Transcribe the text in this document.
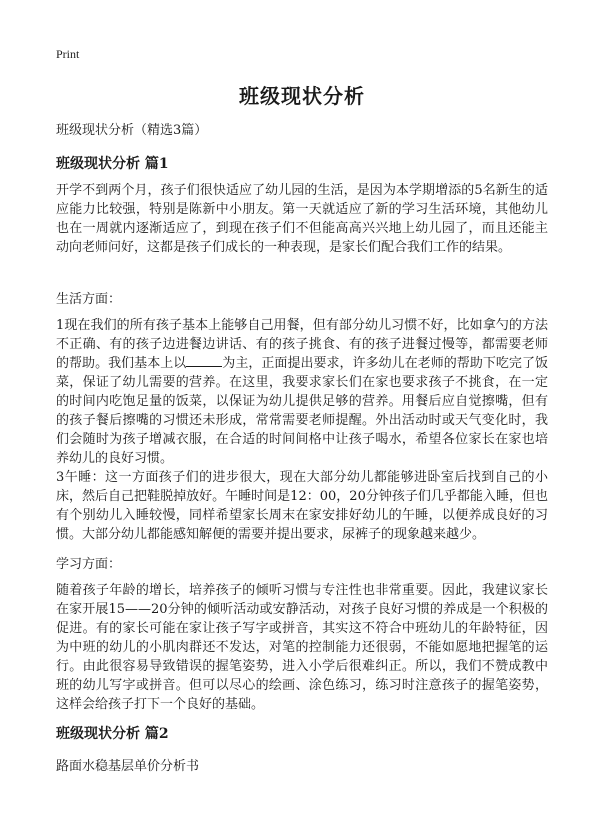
Print
班级现状分析

班级现状分析（精选3篇）

班级现状分析 篇1

开学不到两个月，孩子们很快适应了幼儿园的生活，是因为本学期增添的5名新生的适应能力比较强，特别是陈新中小朋友。第一天就适应了新的学习生活环境，其他幼儿也在一周就内逐渐适应了，到现在孩子们不但能高高兴兴地上幼儿园了，而且还能主动向老师问好，这都是孩子们成长的一种表现，是家长们配合我们工作的结果。

生活方面：

1现在我们的所有孩子基本上能够自己用餐，但有部分幼儿习惯不好，比如拿勺的方法不正确、有的孩子边进餐边讲话、有的孩子挑食、有的孩子进餐过慢等，都需要老师的帮助。我们基本上以	为主，正面提出要求，许多幼儿在老师的帮助下吃完了饭菜，保证了幼儿需要的营养。在这里，我要求家长们在家也要求孩子不挑食，在一定的时间内吃饱足量的饭菜，以保证为幼儿提供足够的营养。用餐后应自觉擦嘴，但有的孩子餐后擦嘴的习惯还未形成，常常需要老师提醒。外出活动时或天气变化时，我们会随时为孩子增减衣服，在合适的时间间格中让孩子喝水，希望各位家长在家也培养幼儿的良好习惯。

3午睡：这一方面孩子们的进步很大，现在大部分幼儿都能够进卧室后找到自己的小床，然后自己把鞋脱掉放好。午睡时间是12：00，20分钟孩子们几乎都能入睡，但也有个别幼儿入睡较慢，同样希望家长周末在家安排好幼儿的午睡，以便养成良好的习惯。大部分幼儿都能感知解便的需要并提出要求，尿裤子的现象越来越少。

学习方面：

随着孩子年龄的增长，培养孩子的倾听习惯与专注性也非常重要。因此，我建议家长在家开展15——20分钟的倾听活动或安静活动，对孩子良好习惯的养成是一个积极的促进。有的家长可能在家让孩子写字或拼音，其实这不符合中班幼儿的年龄特征，因为中班的幼儿的小肌肉群还不发达，对笔的控制能力还很弱，不能如愿地把握笔的运行。由此很容易导致错误的握笔姿势，进入小学后很难纠正。所以，我们不赞成教中班的幼儿写字或拼音。但可以尽心的绘画、涂色练习，练习时注意孩子的握笔姿势，这样会给孩子打下一个良好的基础。

班级现状分析 篇2

路面水稳基层单价分析书
